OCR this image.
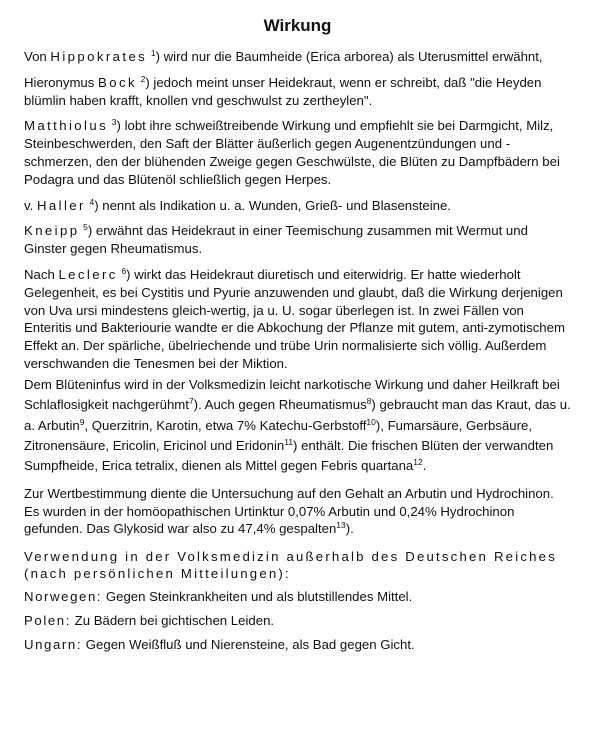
Wirkung

Von Hippokrates $^1$) wird nur die Baumheide (Erica arborea) als Uterusmittel erwähnt,

Hieronymus Bock $^2$) jedoch meint unser Heidekraut, wenn er schreibt, daß "die Heyden blümlin haben krafft, knollen vnd geschwulst zu zertheylen".

Matthiolus $^3$) lobt ihre schweißtreibende Wirkung und empfiehlt sie bei Darmgicht, Milz, Steinbeschwerden, den Saft der Blätter äußerlich gegen Augenentzündungen und -schmerzen, den der blühenden Zweige gegen Geschwülste, die Blüten zu Dampfbädern bei Podagra und das Blütenöl schließlich gegen Herpes.

v. Haller $^4$) nennt als Indikation u. a. Wunden, Grieß- und Blasensteine.

Kneipp $^5$) erwähnt das Heidekraut in einer Teemischung zusammen mit Wermut und Ginster gegen Rheumatismus.

Nach Leclerc $^6$) wirkt das Heidekraut diuretisch und eiterwidrig. Er hatte wiederholt Gelegenheit, es bei Cystitis und Pyurie anzuwenden und glaubt, daß die Wirkung derjenigen von Uva ursi mindestens gleich-wertig, ja u. U. sogar überlegen ist. In zwei Fällen von Enteritis und Bakteriourie wandte er die Abkochung der Pflanze mit gutem, anti-zymotischem Effekt an. Der spärliche, übelriechende und trübe Urin normalisierte sich völlig. Außerdem verschwanden die Tenesmen bei der Miktion.

Dem Blüteninfus wird in der Volksmedizin leicht narkotische Wirkung und daher Heilkraft bei Schlaflosigkeit nachgerühmt$^7$). Auch gegen Rheumatismus$^8$) gebraucht man das Kraut, das u. a. Arbutin$^9$, Querzitrin, Karotin, etwa 7% Katechu-Gerbstoff$^{10}$), Fumarsäure, Gerbsäure, Zitronensäure, Ericolin, Ericinol und Eridonin$^{11}$) enthält. Die frischen Blüten der verwandten Sumpfheide, Erica tetralix, dienen als Mittel gegen Febris quartana$^{12}$.

Zur Wertbestimmung diente die Untersuchung auf den Gehalt an Arbutin und Hydrochinon. Es wurden in der homöopathischen Urtinktur 0,07% Arbutin und 0,24% Hydrochinon gefunden. Das Glykosid war also zu 47,4% gespalten$^{13}$).

Verwendung in der Volksmedizin außerhalb des Deutschen Reiches (nach persönlichen Mitteilungen):

Norwegen: Gegen Steinkrankheiten und als blutstillendes Mittel.

Polen: Zu Bädern bei gichtischen Leiden.

Ungarn: Gegen Weißfluß und Nierensteine, als Bad gegen Gicht.
